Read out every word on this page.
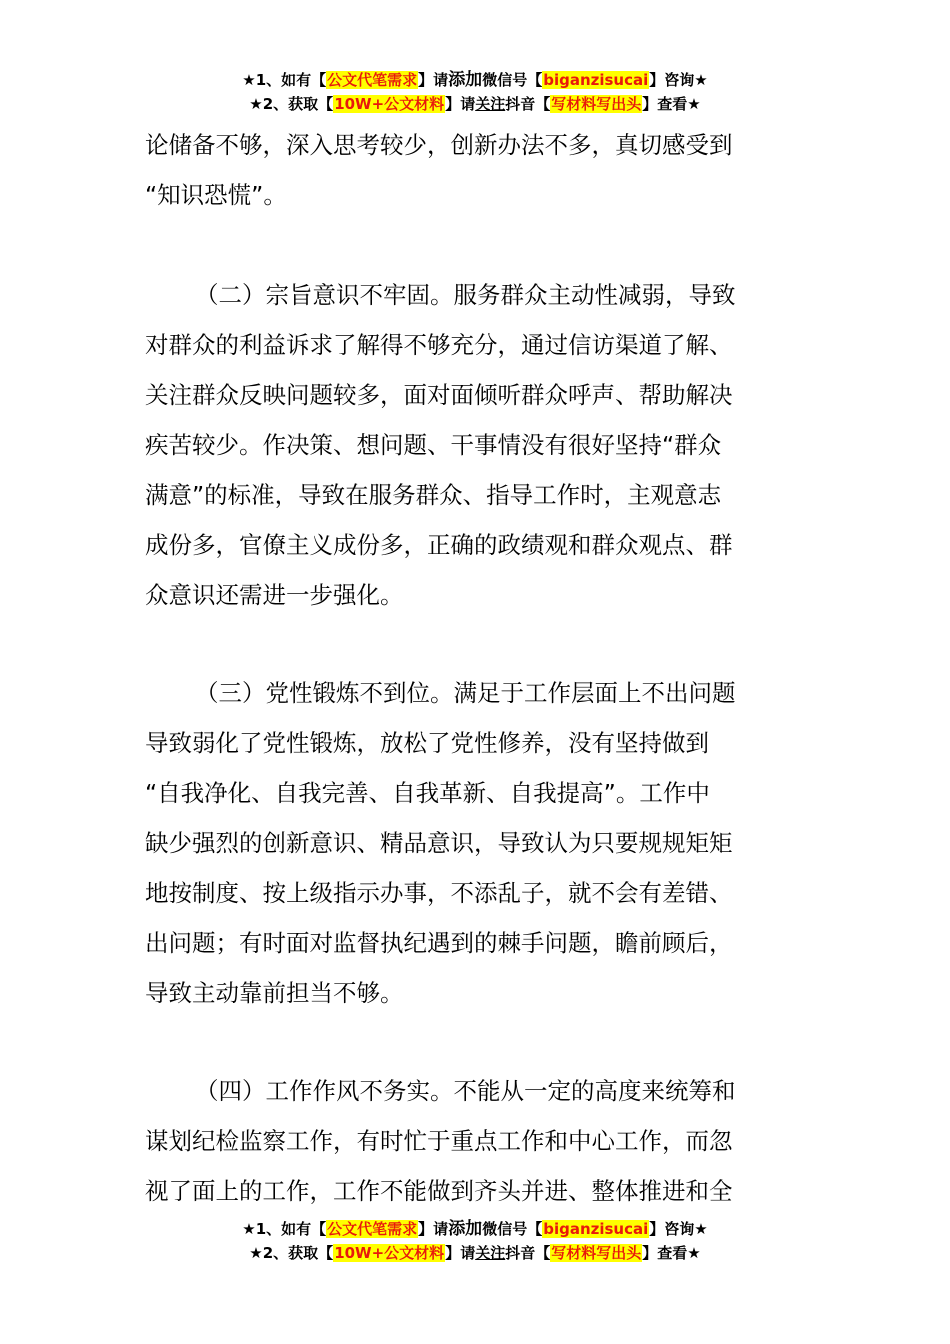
★1、如有【公文代笔需求】请添加微信号【biganzisucai】咨询★
★2、获取【10W+公文材料】请关注抖音【写材料写出头】查看★
论储备不够，深入思考较少，创新办法不多，真切感受到
“知识恐慌”。
（二）宗旨意识不牢固。服务群众主动性减弱，导致
对群众的利益诉求了解得不够充分，通过信访渠道了解、
关注群众反映问题较多，面对面倾听群众呼声、帮助解决
疾苦较少。作决策、想问题、干事情没有很好坚持“群众
满意”的标准，导致在服务群众、指导工作时，主观意志
成份多，官僚主义成份多，正确的政绩观和群众观点、群
众意识还需进一步强化。
（三）党性锻炼不到位。满足于工作层面上不出问题
导致弱化了党性锻炼，放松了党性修养，没有坚持做到
“自我净化、自我完善、自我革新、自我提高”。工作中
缺少强烈的创新意识、精品意识，导致认为只要规规矩矩
地按制度、按上级指示办事，不添乱子，就不会有差错、
出问题；有时面对监督执纪遇到的棘手问题，瞻前顾后，
导致主动靠前担当不够。
（四）工作作风不务实。不能从一定的高度来统筹和
谋划纪检监察工作，有时忙于重点工作和中心工作，而忽
视了面上的工作，工作不能做到齐头并进、整体推进和全
★1、如有【公文代笔需求】请添加微信号【biganzisucai】咨询★
★2、获取【10W+公文材料】请关注抖音【写材料写出头】查看★
